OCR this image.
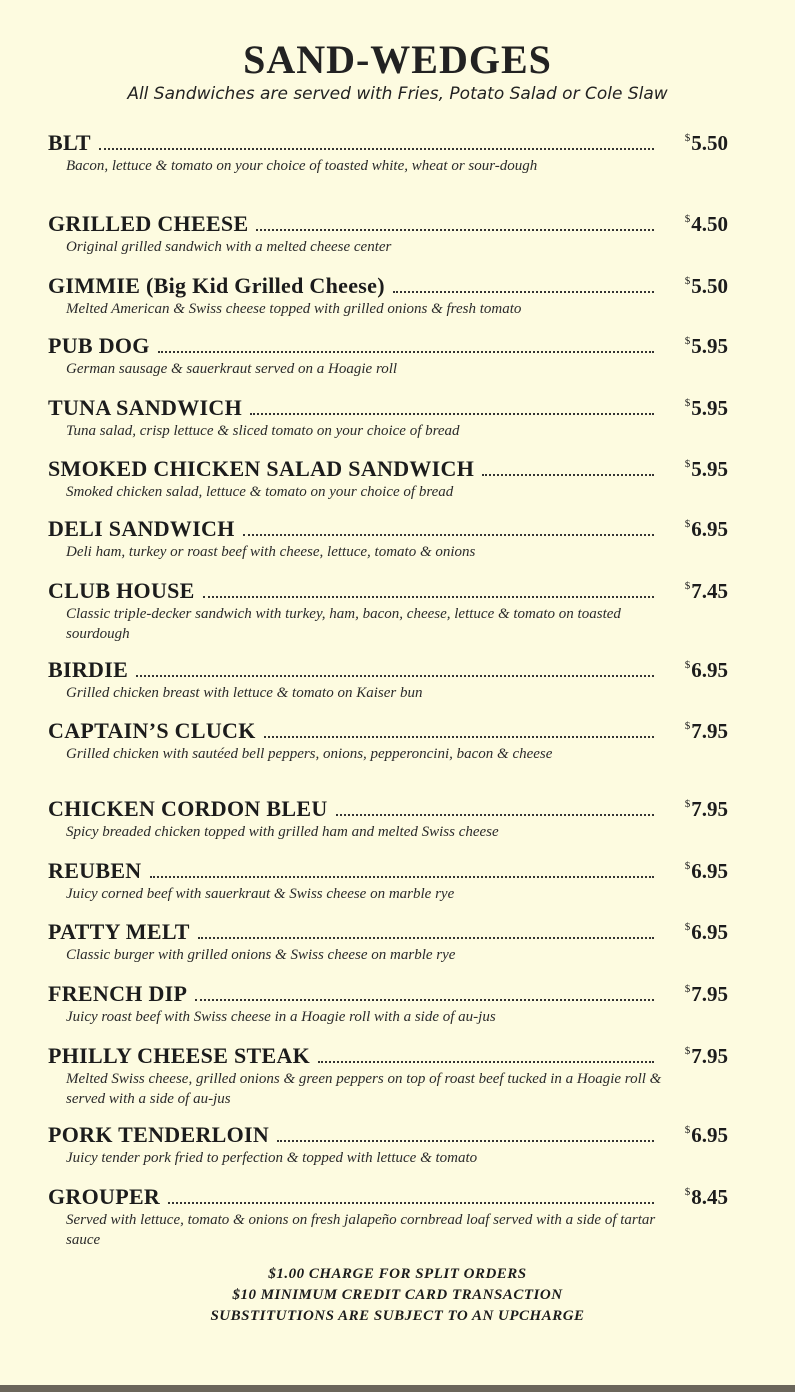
SAND-WEDGES
All Sandwiches are served with Fries, Potato Salad or Cole Slaw
BLT	$5.50
Bacon, lettuce & tomato on your choice of toasted white, wheat or sour-dough
GRILLED CHEESE	$4.50
Original grilled sandwich with a melted cheese center
GIMMIE (Big Kid Grilled Cheese)	$5.50
Melted American & Swiss cheese topped with grilled onions & fresh tomato
PUB DOG	$5.95
German sausage & sauerkraut served on a Hoagie roll
TUNA SANDWICH	$5.95
Tuna salad, crisp lettuce & sliced tomato on your choice of bread
SMOKED CHICKEN SALAD SANDWICH	$5.95
Smoked chicken salad, lettuce & tomato on your choice of bread
DELI SANDWICH	$6.95
Deli ham, turkey or roast beef with cheese, lettuce, tomato & onions
CLUB HOUSE	$7.45
Classic triple-decker sandwich with turkey, ham, bacon, cheese, lettuce & tomato on toasted sourdough
BIRDIE	$6.95
Grilled chicken breast with lettuce & tomato on Kaiser bun
CAPTAIN’S CLUCK	$7.95
Grilled chicken with sautéed bell peppers, onions, pepperoncini, bacon & cheese
CHICKEN CORDON BLEU	$7.95
Spicy breaded chicken topped with grilled ham and melted Swiss cheese
REUBEN	$6.95
Juicy corned beef with sauerkraut & Swiss cheese on marble rye
PATTY MELT	$6.95
Classic burger with grilled onions & Swiss cheese on marble rye
FRENCH DIP	$7.95
Juicy roast beef with Swiss cheese in a Hoagie roll with a side of au-jus
PHILLY CHEESE STEAK	$7.95
Melted Swiss cheese, grilled onions & green peppers on top of roast beef tucked in a Hoagie roll & served with a side of au-jus
PORK TENDERLOIN	$6.95
Juicy tender pork fried to perfection & topped with lettuce & tomato
GROUPER	$8.45
Served with lettuce, tomato & onions on fresh jalapeño cornbread loaf served with a side of tartar sauce
$1.00 CHARGE FOR SPLIT ORDERS
$10 MINIMUM CREDIT CARD TRANSACTION
SUBSTITUTIONS ARE SUBJECT TO AN UPCHARGE
